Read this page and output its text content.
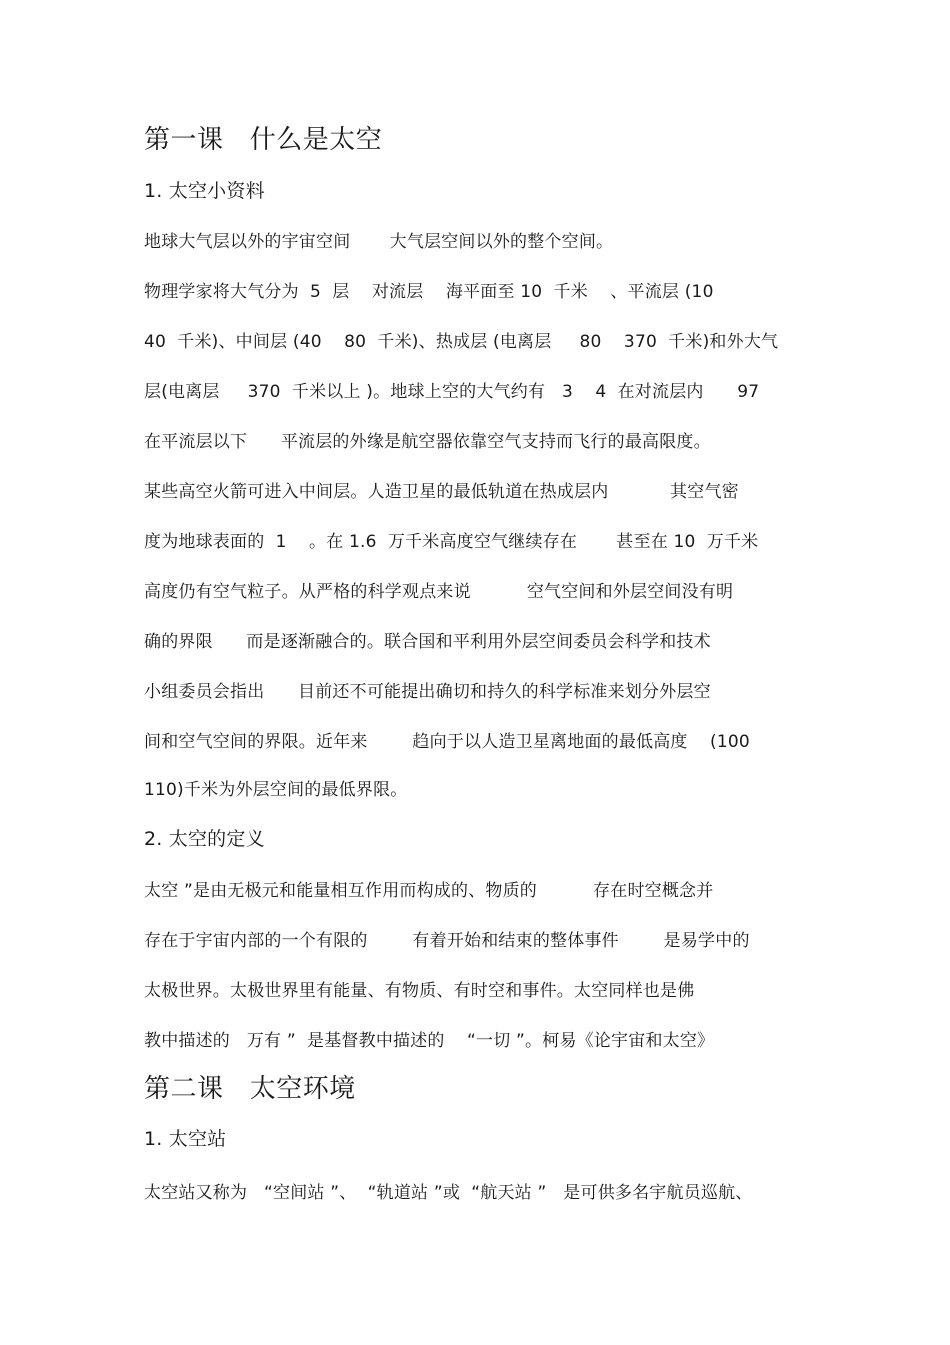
第一课   什么是太空
1. 太空小资料
地球大气层以外的宇宙空间       大气层空间以外的整个空间。
物理学家将大气分为  5  层    对流层    海平面至 10  千米    、平流层 (10
40  千米)、中间层 (40    80  千米)、热成层 (电离层     80    370  千米)和外大气
层(电离层     370  千米以上 )。地球上空的大气约有   3    4  在对流层内      97
在平流层以下      平流层的外缘是航空器依靠空气支持而飞行的最高限度。
某些高空火箭可进入中间层。人造卫星的最低轨道在热成层内           其空气密
度为地球表面的  1    。在 1.6  万千米高度空气继续存在       甚至在 10  万千米
高度仍有空气粒子。从严格的科学观点来说          空气空间和外层空间没有明
确的界限      而是逐渐融合的。联合国和平利用外层空间委员会科学和技术
小组委员会指出      目前还不可能提出确切和持久的科学标准来划分外层空
间和空气空间的界限。近年来        趋向于以人造卫星离地面的最低高度    (100
110)千米为外层空间的最低界限。
2. 太空的定义
太空 ”是由无极元和能量相互作用而构成的、物质的          存在时空概念并
存在于宇宙内部的一个有限的        有着开始和结束的整体事件        是易学中的
太极世界。太极世界里有能量、有物质、有时空和事件。太空同样也是佛
教中描述的   万有 ”  是基督教中描述的    “一切 ”。柯易《论宇宙和太空》
第二课   太空环境
1. 太空站
太空站又称为   “空间站 ”、  “轨道站 ”或  “航天站 ”   是可供多名宇航员巡航、
